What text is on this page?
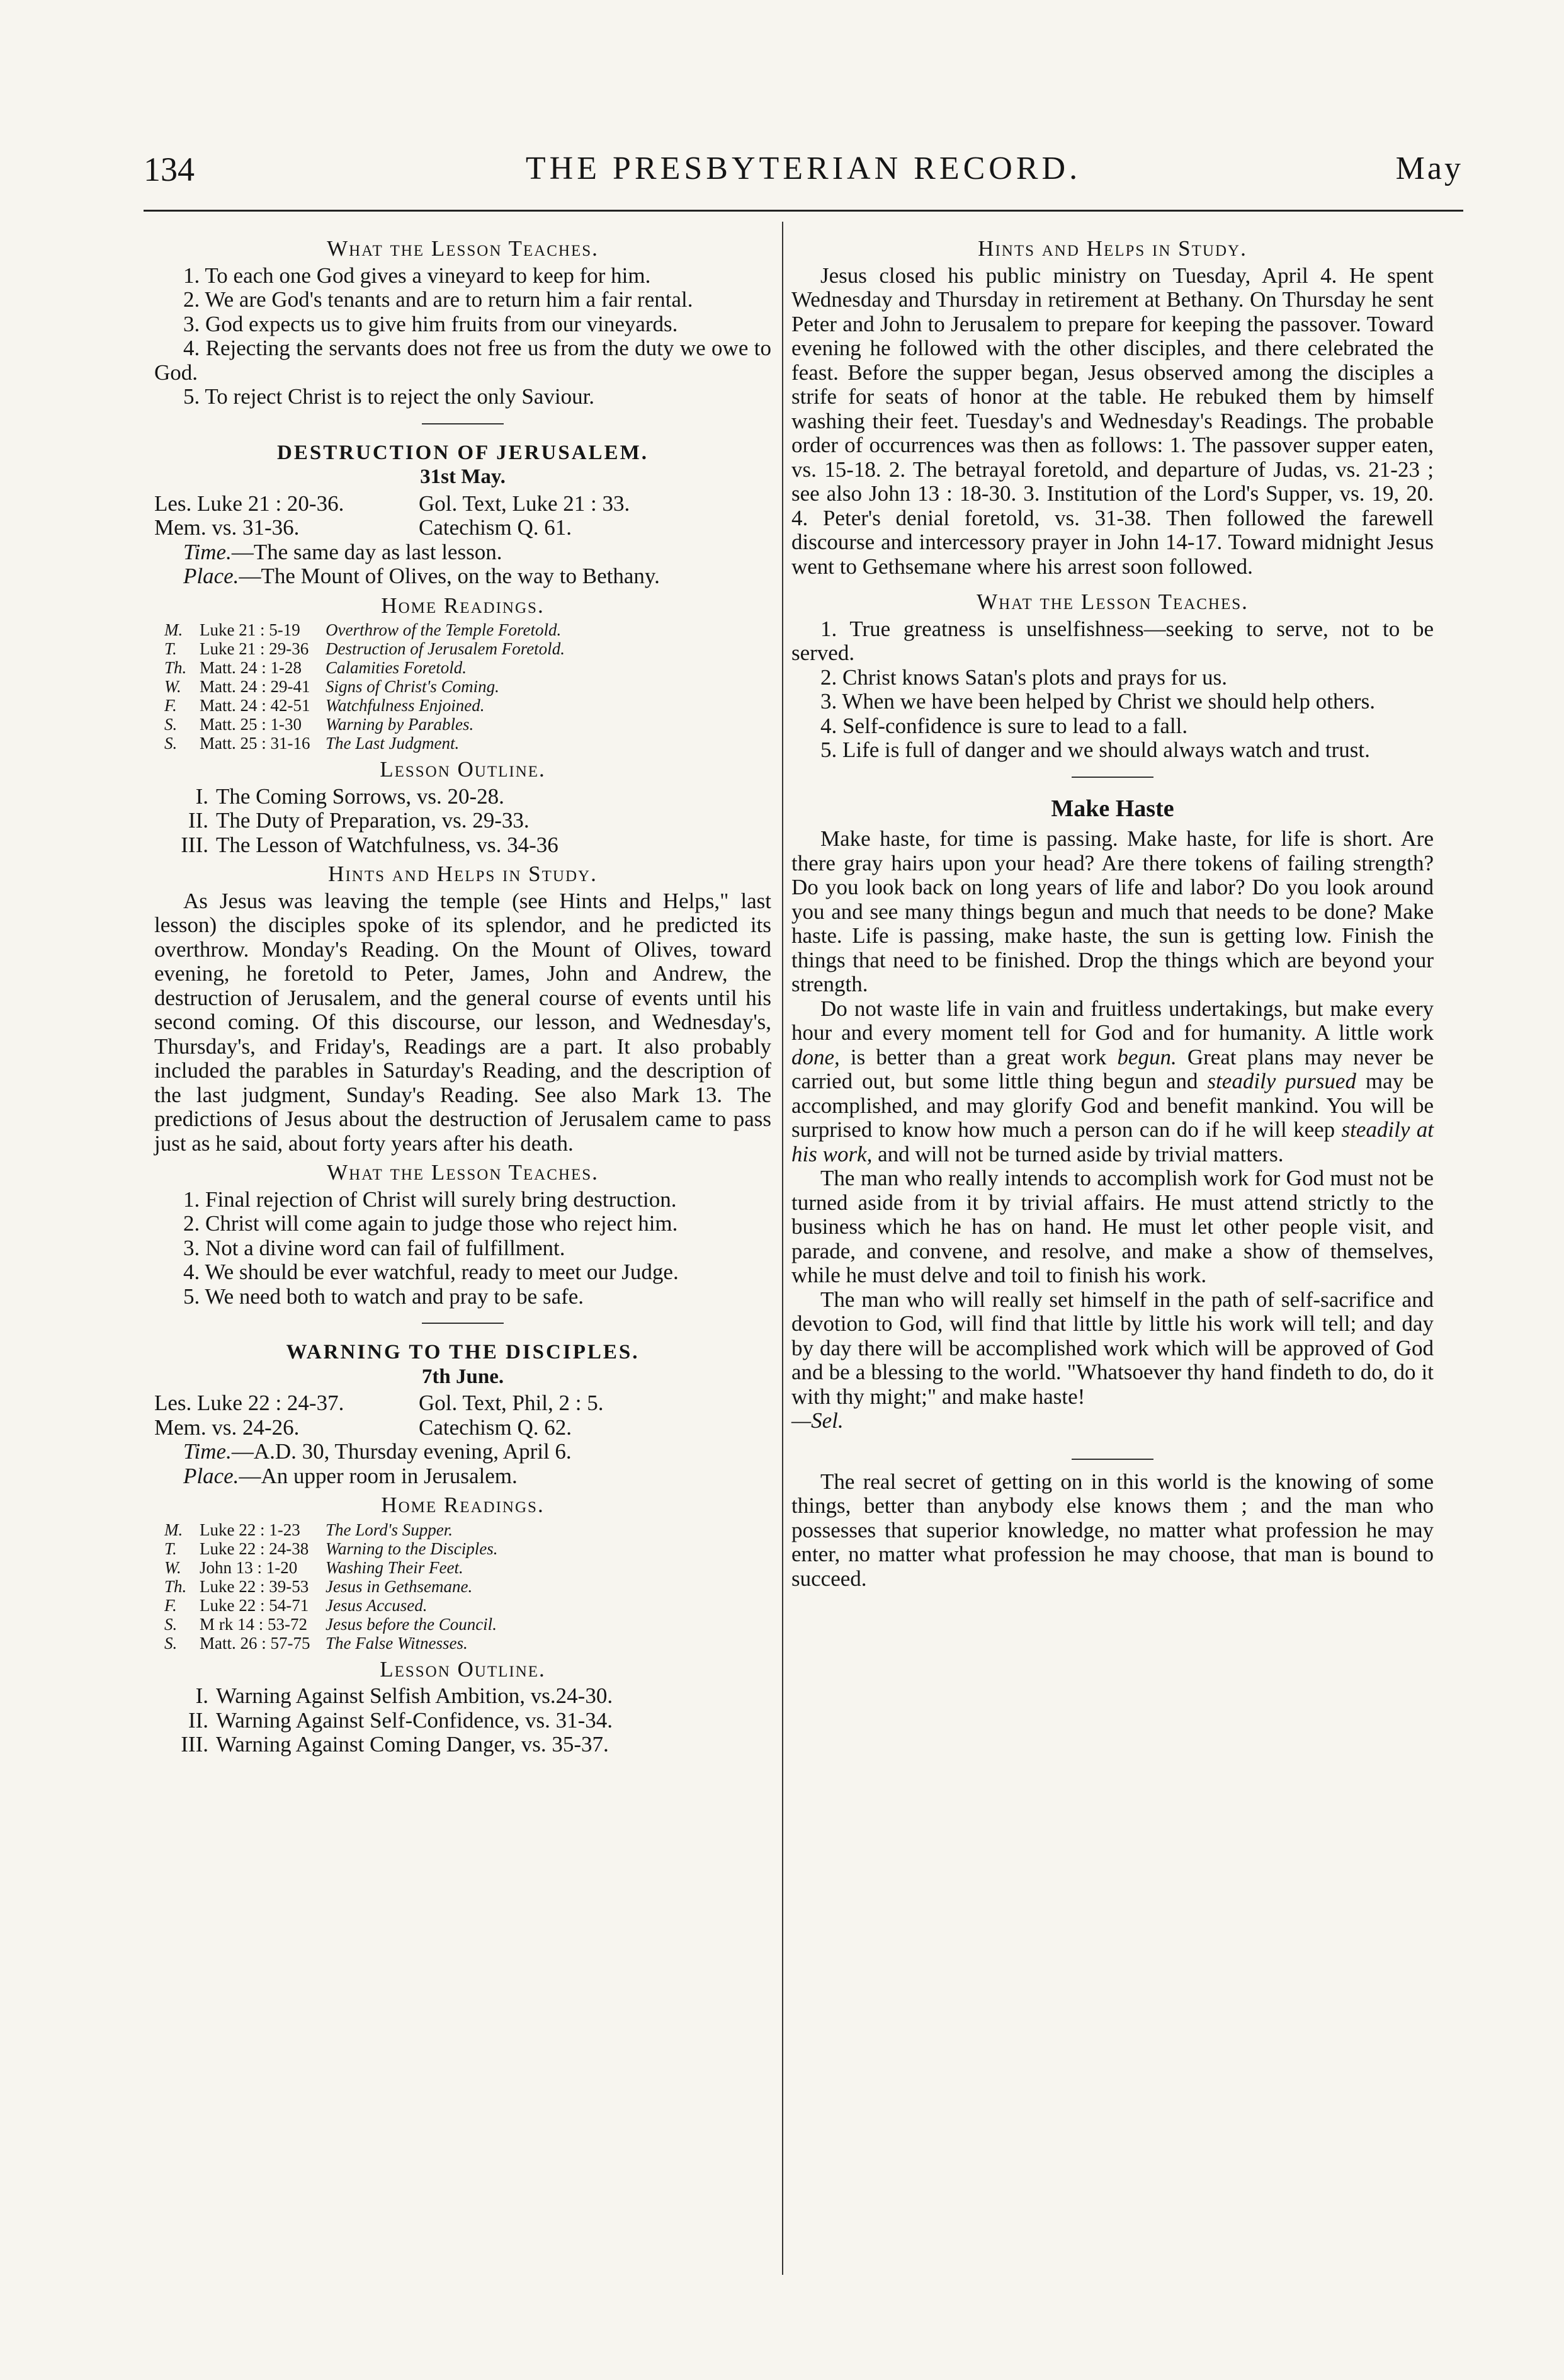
134	THE PRESBYTERIAN RECORD.	May
What the Lesson Teaches.

1. To each one God gives a vineyard to keep for him.

2. We are God's tenants and are to return him a fair rental.

3. God expects us to give him fruits from our vineyards.

4. Rejecting the servants does not free us from the duty we owe to God.

5. To reject Christ is to reject the only Saviour.

DESTRUCTION OF JERUSALEM.
31st May.
Les. Luke 21 : 20-36.	Gol. Text, Luke 21 : 33.
Mem. vs. 31-36.	Catechism Q. 61.

Time.—The same day as last lesson.

Place.—The Mount of Olives, on the way to Bethany.

Home Readings.
M. Luke 21 : 5-19	Overthrow of the Temple Foretold.
T.	Luke 21 : 29-36 Destruction of Jerusalem Foretold.
Th. Matt. 24 : 1-28	Calamities Foretold.
W.	Matt. 24 : 29-41 Signs of Christ's Coming.
F.	Matt. 24 : 42-51 Watchfulness Enjoined.
S.	Matt. 25 : 1-30	Warning by Parables.
S.	Matt. 25 : 31-16 The Last Judgment.
Lesson Outline.
I. The Coming Sorrows, vs. 20-28.
II. The Duty of Preparation, vs. 29-33.
III. The Lesson of Watchfulness, vs. 34-36
Hints and Helps in Study.

As Jesus was leaving the temple (see Hints and Helps," last lesson) the disciples spoke of its splendor, and he predicted its overthrow. Monday's Reading. On the Mount of Olives, toward evening, he foretold to Peter, James, John and Andrew, the destruction of Jerusalem, and the general course of events until his second coming. Of this discourse, our lesson, and Wednesday's, Thursday's, and Friday's, Readings are a part. It also probably included the parables in Saturday's Reading, and the description of the last judgment, Sunday's Reading. See also Mark 13. The predictions of Jesus about the destruction of Jerusalem came to pass just as he said, about forty years after his death.

What the Lesson Teaches.

1. Final rejection of Christ will surely bring destruction.

2. Christ will come again to judge those who reject him.

3. Not a divine word can fail of fulfillment.

4. We should be ever watchful, ready to meet our Judge.

5. We need both to watch and pray to be safe.

WARNING TO THE DISCIPLES.
7th June.
Les. Luke 22 : 24-37.	Gol. Text, Phil, 2 : 5.
Mem. vs. 24-26.	Catechism Q. 62.

Time.—A.D. 30, Thursday evening, April 6.

Place.—An upper room in Jerusalem.

Home Readings.
M. Luke 22 : 1-23	The Lord's Supper.
T.	Luke 22 : 24-38 Warning to the Disciples.
W.	John 13 : 1-20	Washing Their Feet.
Th. Luke 22 : 39-53 Jesus in Gethsemane.
F.	Luke 22 : 54-71 Jesus Accused.
S.	M rk 14 : 53-72	Jesus before the Council.
S.	Matt. 26 : 57-75 The False Witnesses.
Lesson Outline.
I. Warning Against Selfish Ambition, vs.24-30.
II. Warning Against Self-Confidence, vs. 31-34.
III. Warning Against Coming Danger, vs. 35-37.
Hints and Helps in Study.

Jesus closed his public ministry on Tuesday, April 4. He spent Wednesday and Thursday in retirement at Bethany. On Thursday he sent Peter and John to Jerusalem to prepare for keeping the passover. Toward evening he followed with the other disciples, and there celebrated the feast. Before the supper began, Jesus observed among the disciples a strife for seats of honor at the table. He rebuked them by himself washing their feet. Tuesday's and Wednesday's Readings. The probable order of occurrences was then as follows: 1. The passover supper eaten, vs. 15-18. 2. The betrayal foretold, and departure of Judas, vs. 21-23 ; see also John 13 : 18-30. 3. Institution of the Lord's Supper, vs. 19, 20. 4. Peter's denial foretold, vs. 31-38. Then followed the farewell discourse and intercessory prayer in John 14-17. Toward midnight Jesus went to Gethsemane where his arrest soon followed.

What the Lesson Teaches.

1. True greatness is unselfishness—seeking to serve, not to be served.

2. Christ knows Satan's plots and prays for us.

3. When we have been helped by Christ we should help others.

4. Self-confidence is sure to lead to a fall.

5. Life is full of danger and we should always watch and trust.

Make Haste

Make haste, for time is passing. Make haste, for life is short. Are there gray hairs upon your head? Are there tokens of failing strength? Do you look back on long years of life and labor? Do you look around you and see many things begun and much that needs to be done? Make haste. Life is passing, make haste, the sun is getting low. Finish the things that need to be finished. Drop the things which are beyond your strength.

Do not waste life in vain and fruitless undertakings, but make every hour and every moment tell for God and for humanity. A little work done, is better than a great work begun. Great plans may never be carried out, but some little thing begun and steadily pursued may be accomplished, and may glorify God and benefit mankind. You will be surprised to know how much a person can do if he will keep steadily at his work, and will not be turned aside by trivial matters.

The man who really intends to accomplish work for God must not be turned aside from it by trivial affairs. He must attend strictly to the business which he has on hand. He must let other people visit, and parade, and convene, and resolve, and make a show of themselves, while he must delve and toil to finish his work.

The man who will really set himself in the path of self-sacrifice and devotion to God, will find that little by little his work will tell; and day by day there will be accomplished work which will be approved of God and be a blessing to the world. "Whatsoever thy hand findeth to do, do it with thy might;" and make haste!

—Sel.

The real secret of getting on in this world is the knowing of some things, better than anybody else knows them ; and the man who possesses that superior knowledge, no matter what profession he may enter, no matter what profession he may choose, that man is bound to succeed.
